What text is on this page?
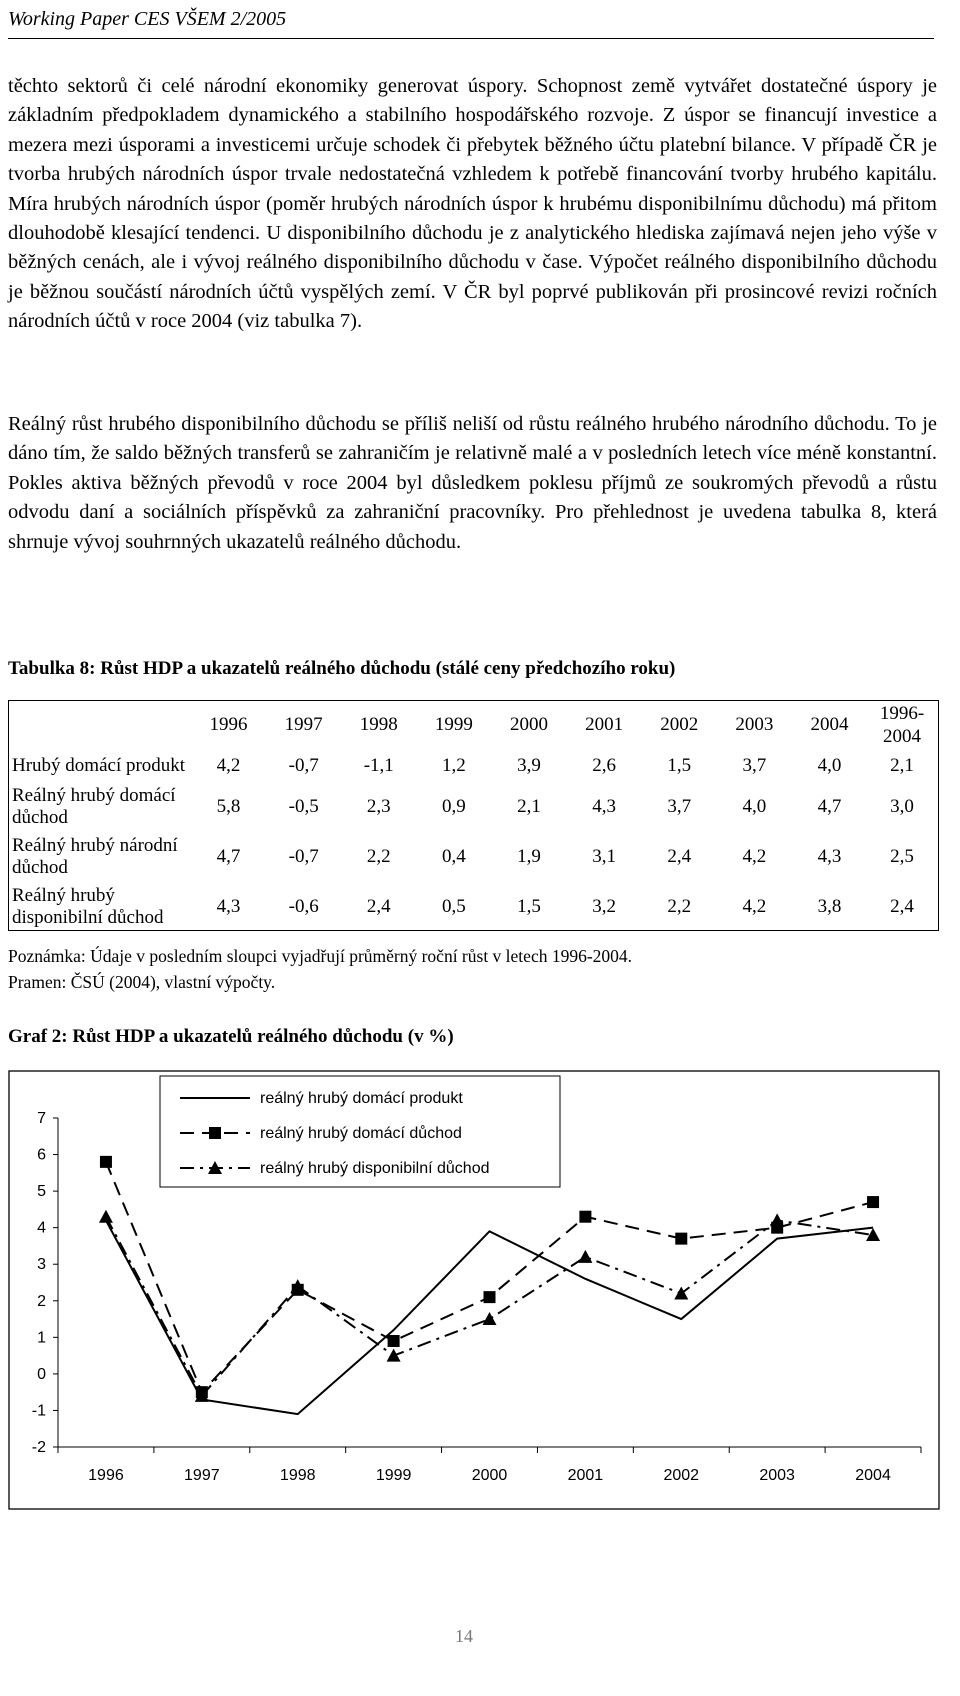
Working Paper CES VŠEM 2/2005

těchto sektorů či celé národní ekonomiky generovat úspory. Schopnost země vytvářet dostatečné úspory je základním předpokladem dynamického a stabilního hospodářského rozvoje. Z úspor se financují investice a mezera mezi úsporami a investicemi určuje schodek či přebytek běžného účtu platební bilance. V případě ČR je tvorba hrubých národních úspor trvale nedostatečná vzhledem k potřebě financování tvorby hrubého kapitálu. Míra hrubých národních úspor (poměr hrubých národních úspor k hrubému disponibilnímu důchodu) má přitom dlouhodobě klesající tendenci. U disponibilního důchodu je z analytického hlediska zajímavá nejen jeho výše v běžných cenách, ale i vývoj reálného disponibilního důchodu v čase. Výpočet reálného disponibilního důchodu je běžnou součástí národních účtů vyspělých zemí. V ČR byl poprvé publikován při prosincové revizi ročních národních účtů v roce 2004 (viz tabulka 7).

Reálný růst hrubého disponibilního důchodu se příliš neliší od růstu reálného hrubého národního důchodu. To je dáno tím, že saldo běžných transferů se zahraničím je relativně malé a v posledních letech více méně konstantní. Pokles aktiva běžných převodů v roce 2004 byl důsledkem poklesu příjmů ze soukromých převodů a růstu odvodu daní a sociálních příspěvků za zahraniční pracovníky. Pro přehlednost je uvedena tabulka 8, která shrnuje vývoj souhrnných ukazatelů reálného důchodu.

Tabulka 8: Růst HDP a ukazatelů reálného důchodu (stálé ceny předchozího roku)

	1996	1997	1998	1999	2000	2001	2002	2003	2004	1996-2004
Hrubý domácí produkt	4,2	-0,7	-1,1	1,2	3,9	2,6	1,5	3,7	4,0	2,1
Reálný hrubý domácí důchod	5,8	-0,5	2,3	0,9	2,1	4,3	3,7	4,0	4,7	3,0
Reálný hrubý národní důchod	4,7	-0,7	2,2	0,4	1,9	3,1	2,4	4,2	4,3	2,5
Reálný hrubý disponibilní důchod	4,3	-0,6	2,4	0,5	1,5	3,2	2,2	4,2	3,8	2,4

Poznámka: Údaje v posledním sloupci vyjadřují průměrný roční růst v letech 1996-2004.

Pramen: ČSÚ (2004), vlastní výpočty.

Graf 2: Růst HDP a ukazatelů reálného důchodu (v %)

-2
-1
0
1
2
3
4
5
6
7
1996	1997	1998	1999	2000	2001	2002	2003	2004
reálný hrubý domácí produkt
reálný hrubý domácí důchod
reálný hrubý disponibilní důchod
14
